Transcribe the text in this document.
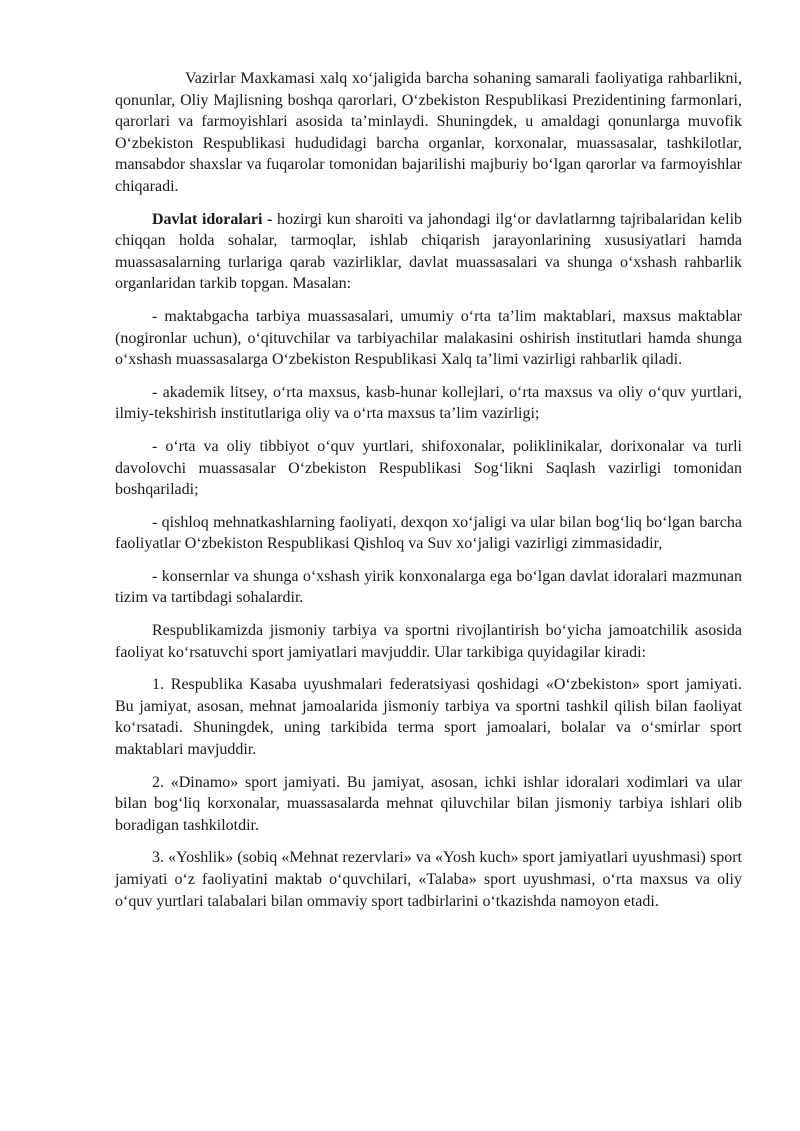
Vazirlar Maxkamasi xalq xo‘jaligida barcha sohaning samarali faoliyatiga rahbarlikni, qonunlar, Oliy Majlisning boshqa qarorlari, O‘zbekiston Respublikasi Prezidentining farmonlari, qarorlari va farmoyishlari asosida ta’minlaydi. Shuningdek, u amaldagi qonunlarga muvofik O‘zbekiston Respublikasi hududidagi barcha organlar, korxonalar, muassasalar, tashkilotlar, mansabdor shaxslar va fuqarolar tomonidan bajarilishi majburiy bo‘lgan qarorlar va farmoyishlar chiqaradi.

Davlat idoralari - hozirgi kun sharoiti va jahondagi ilg‘or davlatlarnng tajribalaridan kelib chiqqan holda sohalar, tarmoqlar, ishlab chiqarish jarayonlarining xususiyatlari hamda muassasalarning turlariga qarab vazirliklar, davlat muassasalari va shunga o‘xshash rahbarlik organlaridan tarkib topgan. Masalan:

- maktabgacha tarbiya muassasalari, umumiy o‘rta ta’lim maktablari, maxsus maktablar (nogironlar uchun), o‘qituvchilar va tarbiyachilar malakasini oshirish institutlari hamda shunga o‘xshash muassasalarga O‘zbekiston Respublikasi Xalq ta’limi vazirligi rahbarlik qiladi.

- akademik litsey, o‘rta maxsus, kasb-hunar kollejlari, o‘rta maxsus va oliy o‘quv yurtlari, ilmiy-tekshirish institutlariga oliy va o‘rta maxsus ta’lim vazirligi;

- o‘rta va oliy tibbiyot o‘quv yurtlari, shifoxonalar, poliklinikalar, dorixonalar va turli davolovchi muassasalar O‘zbekiston Respublikasi Sog‘likni Saqlash vazirligi tomonidan boshqariladi;

- qishloq mehnatkashlarning faoliyati, dexqon xo‘jaligi va ular bilan bog‘liq bo‘lgan barcha faoliyatlar O‘zbekiston Respublikasi Qishloq va Suv xo‘jaligi vazirligi zimmasidadir,

- konsernlar va shunga o‘xshash yirik konxonalarga ega bo‘lgan davlat idoralari mazmunan tizim va tartibdagi sohalardir.

Respublikamizda jismoniy tarbiya va sportni rivojlantirish bo‘yicha jamoatchilik asosida faoliyat ko‘rsatuvchi sport jamiyatlari mavjuddir. Ular tarkibiga quyidagilar kiradi:

1. Respublika Kasaba uyushmalari federatsiyasi qoshidagi «O‘zbekiston» sport jamiyati. Bu jamiyat, asosan, mehnat jamoalarida jismoniy tarbiya va sportni tashkil qilish bilan faoliyat ko‘rsatadi. Shuningdek, uning tarkibida terma sport jamoalari, bolalar va o‘smirlar sport maktablari mavjuddir.

2. «Dinamo» sport jamiyati. Bu jamiyat, asosan, ichki ishlar idoralari xodimlari va ular bilan bog‘liq korxonalar, muassasalarda mehnat qiluvchilar bilan jismoniy tarbiya ishlari olib boradigan tashkilotdir.

3. «Yoshlik» (sobiq «Mehnat rezervlari» va «Yosh kuch» sport jamiyatlari uyushmasi) sport jamiyati o‘z faoliyatini maktab o‘quvchilari, «Talaba» sport uyushmasi, o‘rta maxsus va oliy o‘quv yurtlari talabalari bilan ommaviy sport tadbirlarini o‘tkazishda namoyon etadi.
